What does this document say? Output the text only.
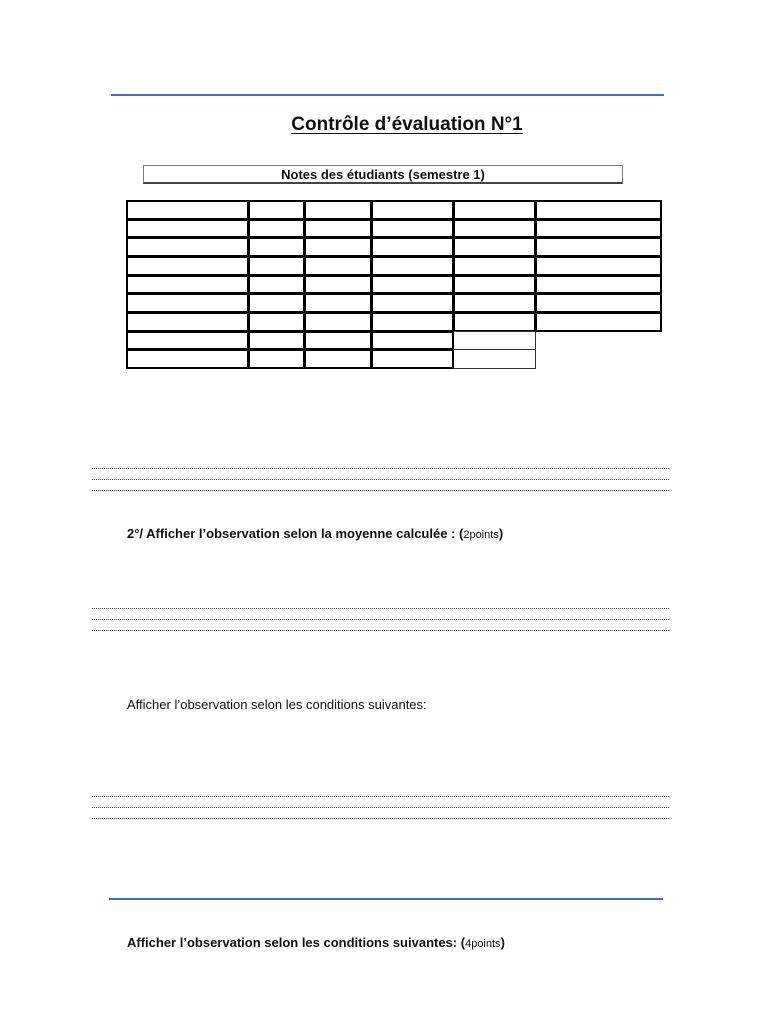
Contrôle d’évaluation N°1
Notes des étudiants (semestre 1)
2°/ Afficher l’observation selon la moyenne calculée : (2points)
Afficher l’observation selon les conditions suivantes:
Afficher l’observation selon les conditions suivantes: (4points)
